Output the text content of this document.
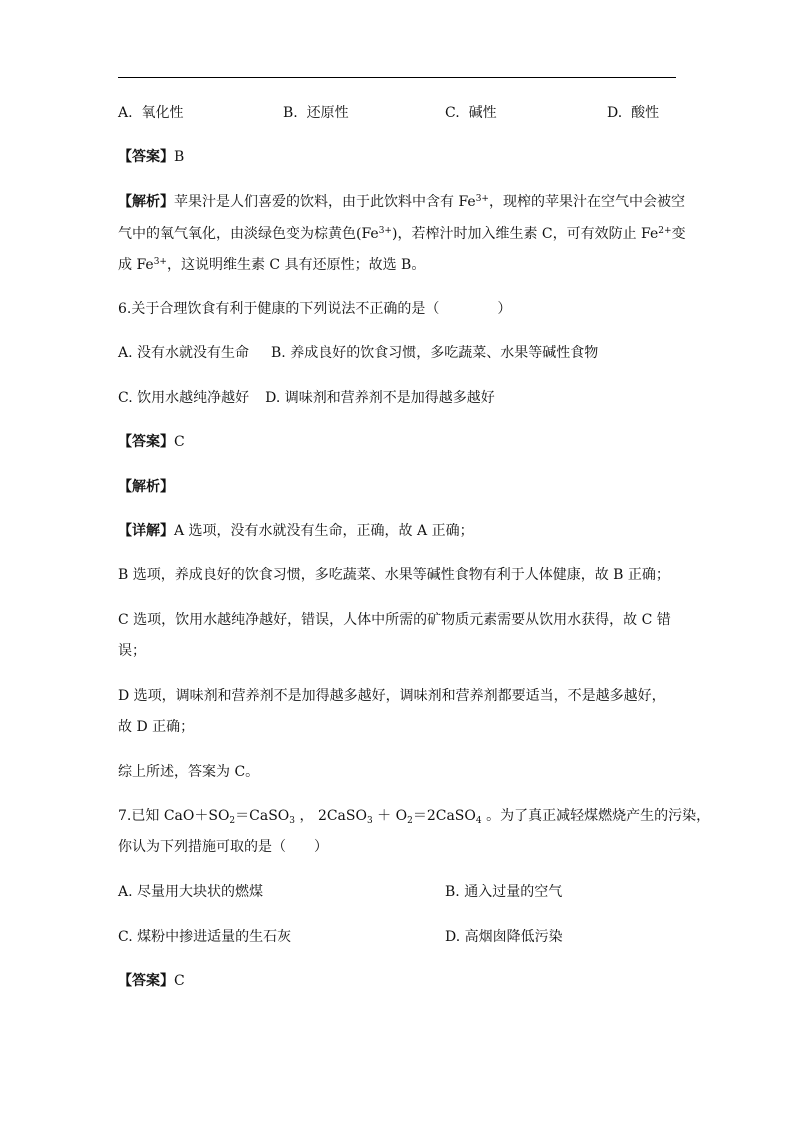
A. 氧化性	B. 还原性	C. 碱性	D. 酸性
【答案】B
【解析】苹果汁是人们喜爱的饮料，由于此饮料中含有 $Fe^{3+}$，现榨的苹果汁在空气中会被空
气中的氧气氧化，由淡绿色变为棕黄色$(Fe^{3+})$，若榨汁时加入维生素 C，可有效防止 $Fe^{2+}$变
成 $Fe^{3+}$，这说明维生素 C 具有还原性；故选 B。
6.关于合理饮食有利于健康的下列说法不正确的是（	）
A. 没有水就没有生命 B. 养成良好的饮食习惯，多吃蔬菜、水果等碱性食物
C. 饮用水越纯净越好 D. 调味剂和营养剂不是加得越多越好
【答案】C
【解析】
【详解】A 选项，没有水就没有生命，正确，故 A 正确；
B 选项，养成良好的饮食习惯，多吃蔬菜、水果等碱性食物有利于人体健康，故 B 正确；
C 选项，饮用水越纯净越好，错误，人体中所需的矿物质元素需要从饮用水获得，故 C 错
误；
D 选项，调味剂和营养剂不是加得越多越好，调味剂和营养剂都要适当，不是越多越好，
故 D 正确；
综上所述，答案为 C。
7.已知 $CaO+SO_2=CaSO_3$ ， 2CaSO$_3$ ＋ $O_2=2CaSO_4$ 。为了真正减轻煤燃烧产生的污染，
你认为下列措施可取的是（　　）
A. 尽量用大块状的燃煤	B. 通入过量的空气
C. 煤粉中掺进适量的生石灰	D. 高烟囱降低污染
【答案】C
